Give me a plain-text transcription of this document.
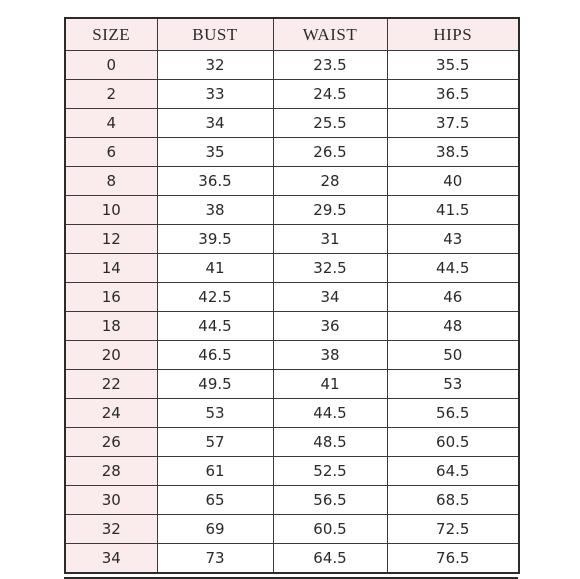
SIZE	BUST	WAIST	HIPS
0	32	23.5	35.5
2	33	24.5	36.5
4	34	25.5	37.5
6	35	26.5	38.5
8	36.5	28	40
10	38	29.5	41.5
12	39.5	31	43
14	41	32.5	44.5
16	42.5	34	46
18	44.5	36	48
20	46.5	38	50
22	49.5	41	53
24	53	44.5	56.5
26	57	48.5	60.5
28	61	52.5	64.5
30	65	56.5	68.5
32	69	60.5	72.5
34	73	64.5	76.5
